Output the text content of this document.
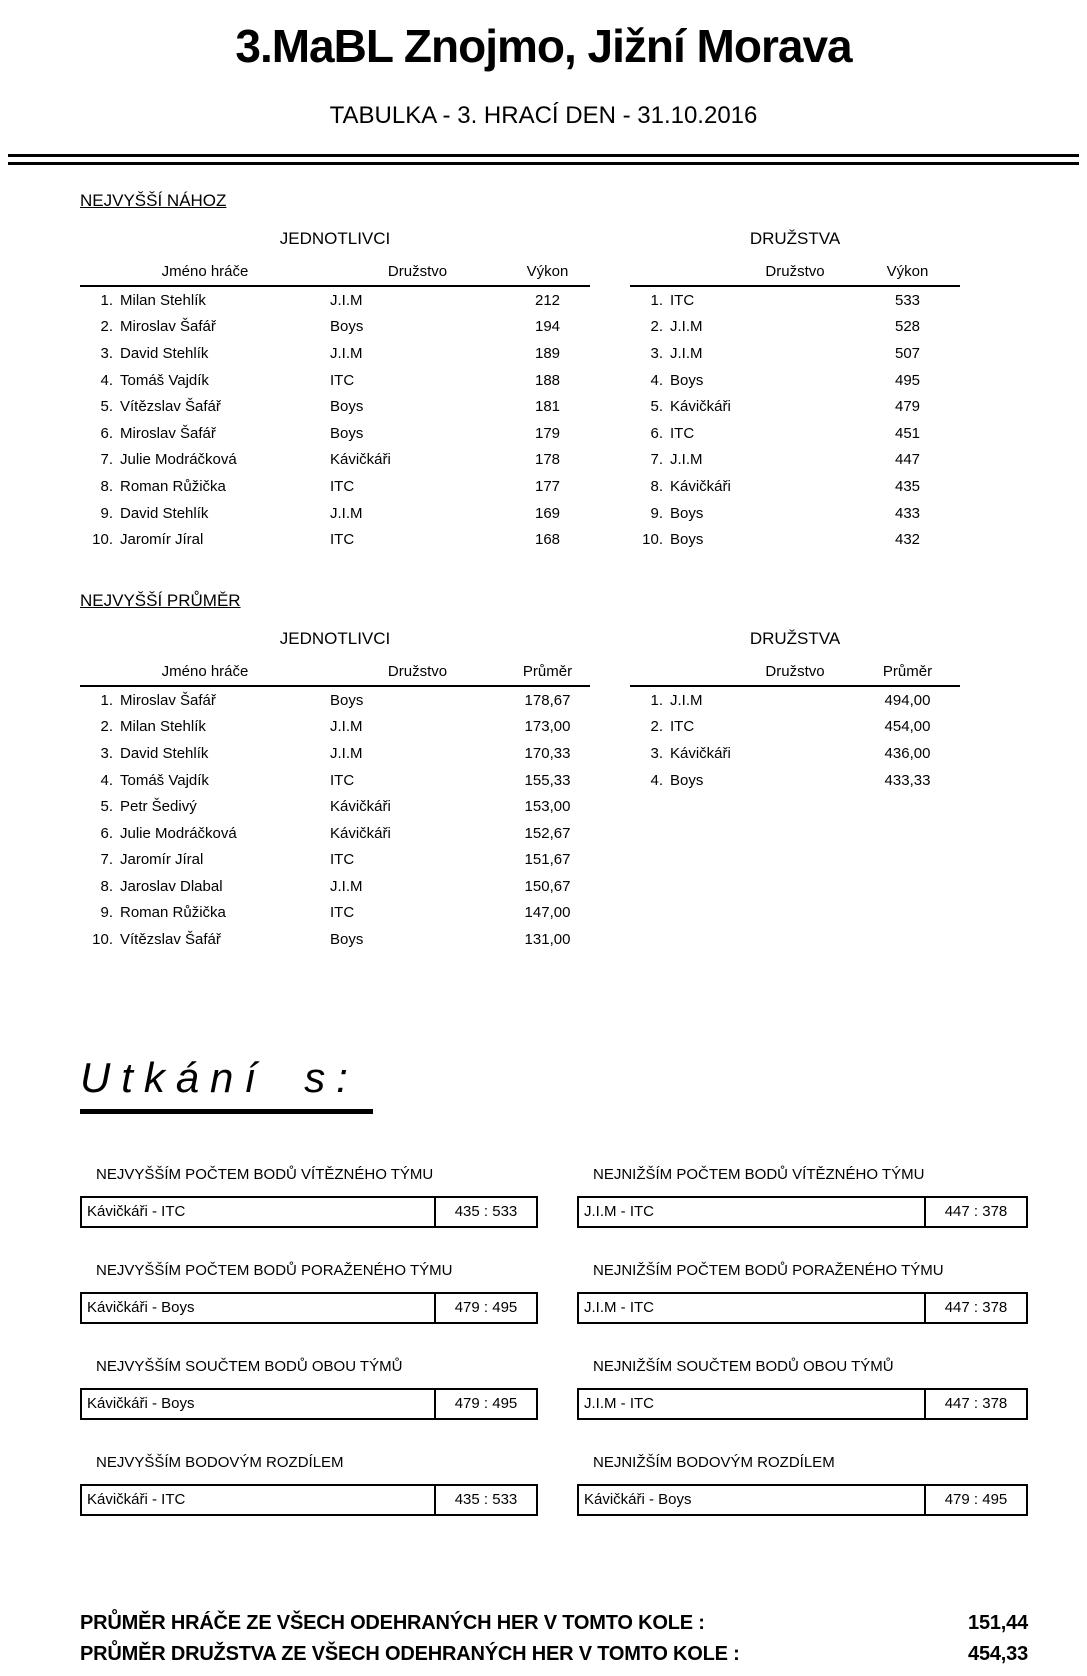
3.MaBL Znojmo, Jižní Morava
TABULKA - 3. HRACÍ DEN - 31.10.2016
NEJVYŠŠÍ NÁHOZ
JEDNOTLIVCI
Jméno hráče	Družstvo	Výkon
1. Milan Stehlík	J.I.M	212
2. Miroslav Šafář	Boys	194
3. David Stehlík	J.I.M	189
4. Tomáš Vajdík	ITC	188
5. Vítězslav Šafář	Boys	181
6. Miroslav Šafář	Boys	179
7. Julie Modráčková	Kávičkáři	178
8. Roman Růžička	ITC	177
9. David Stehlík	J.I.M	169
10. Jaromír Jíral	ITC	168
DRUŽSTVA
Družstvo	Výkon
1. ITC	533
2. J.I.M	528
3. J.I.M	507
4. Boys	495
5. Kávičkáři	479
6. ITC	451
7. J.I.M	447
8. Kávičkáři	435
9. Boys	433
10. Boys	432
NEJVYŠŠÍ PRŮMĚR
JEDNOTLIVCI
Jméno hráče	Družstvo	Průměr
1. Miroslav Šafář	Boys	178,67
2. Milan Stehlík	J.I.M	173,00
3. David Stehlík	J.I.M	170,33
4. Tomáš Vajdík	ITC	155,33
5. Petr Šedivý	Kávičkáři	153,00
6. Julie Modráčková	Kávičkáři	152,67
7. Jaromír Jíral	ITC	151,67
8. Jaroslav Dlabal	J.I.M	150,67
9. Roman Růžička	ITC	147,00
10. Vítězslav Šafář	Boys	131,00
DRUŽSTVA
Družstvo	Průměr
1. J.I.M	494,00
2. ITC	454,00
3. Kávičkáři	436,00
4. Boys	433,33
Utkání s:
NEJVYŠŠÍM POČTEM BODŮ VÍTĚZNÉHO TÝMU
Kávičkáři - ITC	435 : 533
NEJNIŽŠÍM POČTEM BODŮ VÍTĚZNÉHO TÝMU
J.I.M - ITC	447 : 378
NEJVYŠŠÍM POČTEM BODŮ PORAŽENÉHO TÝMU
Kávičkáři - Boys	479 : 495
NEJNIŽŠÍM POČTEM BODŮ PORAŽENÉHO TÝMU
J.I.M - ITC	447 : 378
NEJVYŠŠÍM SOUČTEM BODŮ OBOU TÝMŮ
Kávičkáři - Boys	479 : 495
NEJNIŽŠÍM SOUČTEM BODŮ OBOU TÝMŮ
J.I.M - ITC	447 : 378
NEJVYŠŠÍM BODOVÝM ROZDÍLEM
Kávičkáři - ITC	435 : 533
NEJNIŽŠÍM BODOVÝM ROZDÍLEM
Kávičkáři - Boys	479 : 495
PRŮMĚR HRÁČE ZE VŠECH ODEHRANÝCH HER V TOMTO KOLE :	151,44
PRŮMĚR DRUŽSTVA ZE VŠECH ODEHRANÝCH HER V TOMTO KOLE :	454,33
